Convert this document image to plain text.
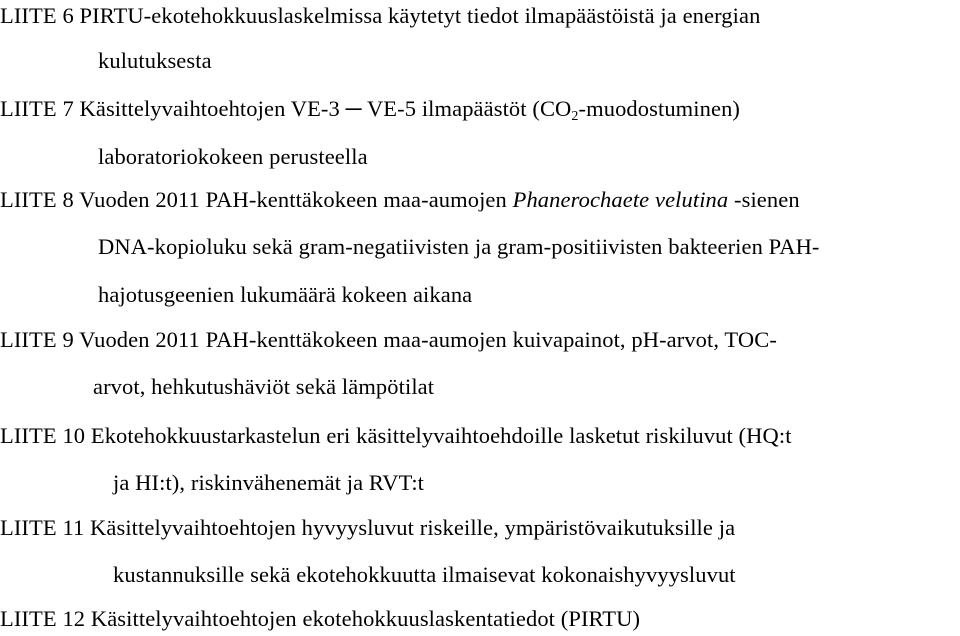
LIITE 6 PIRTU-ekotehokkuuslaskelmissa käytetyt tiedot ilmapäästöistä ja energian
kulutuksesta
LIITE 7 Käsittelyvaihtoehtojen VE-3 ─ VE-5 ilmapäästöt $(CO_2-muodostuminen)$
laboratoriokokeen perusteella
LIITE 8 Vuoden 2011 PAH-kenttäkokeen maa-aumojen Phanerochaete velutina -sienen
DNA-kopioluku sekä gram-negatiivisten ja gram-positiivisten bakteerien PAH-
hajotusgeenien lukumäärä kokeen aikana
LIITE 9 Vuoden 2011 PAH-kenttäkokeen maa-aumojen kuivapainot, pH-arvot, TOC-
arvot, hehkutushäviöt sekä lämpötilat
LIITE 10 Ekotehokkuustarkastelun eri käsittelyvaihtoehdoille lasketut riskiluvut (HQ:t
ja HI:t), riskinvähenemät ja RVT:t
LIITE 11 Käsittelyvaihtoehtojen hyvyysluvut riskeille, ympäristövaikutuksille ja
kustannuksille sekä ekotehokkuutta ilmaisevat kokonaishyvyysluvut
LIITE 12 Käsittelyvaihtoehtojen ekotehokkuuslaskentatiedot (PIRTU)
